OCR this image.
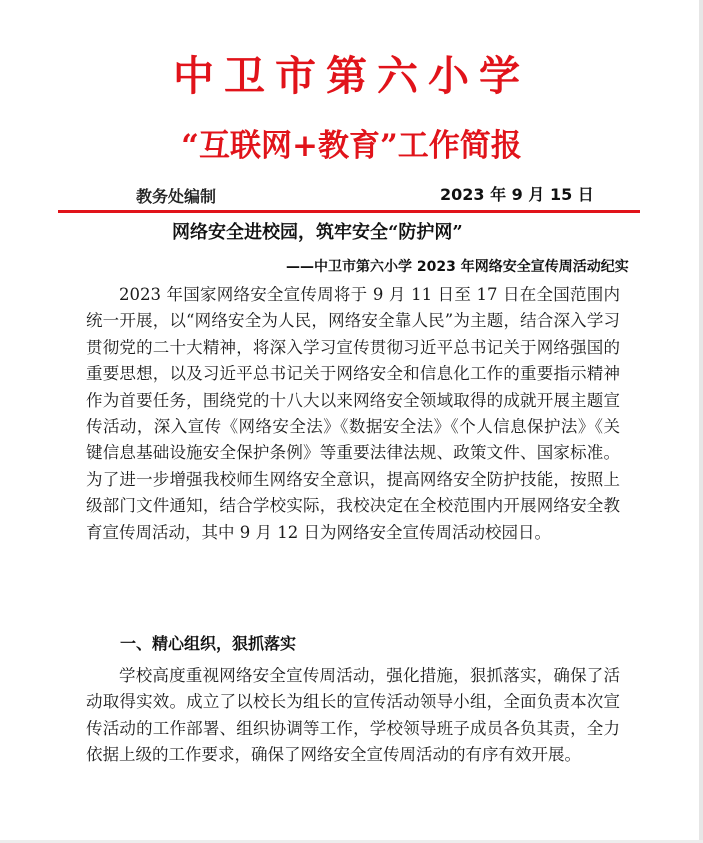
中卫市第六小学
“互联网+教育”工作简报
教务处编制	2023 年 9 月 15 日
网络安全进校园，筑牢安全“防护网”
——中卫市第六小学 2023 年网络安全宣传周活动纪实

2023 年国家网络安全宣传周将于 9 月 11 日至 17 日在全国范围内统一开展，以“网络安全为人民，网络安全靠人民”为主题，结合深入学习贯彻党的二十大精神，将深入学习宣传贯彻习近平总书记关于网络强国的重要思想，以及习近平总书记关于网络安全和信息化工作的重要指示精神作为首要任务，围绕党的十八大以来网络安全领域取得的成就开展主题宣传活动，深入宣传《网络安全法》《数据安全法》《个人信息保护法》《关键信息基础设施安全保护条例》等重要法律法规、政策文件、国家标准。为了进一步增强我校师生网络安全意识，提高网络安全防护技能，按照上级部门文件通知，结合学校实际，我校决定在全校范围内开展网络安全教育宣传周活动，其中 9 月 12 日为网络安全宣传周活动校园日。

一、精心组织，狠抓落实

学校高度重视网络安全宣传周活动，强化措施，狠抓落实，确保了活动取得实效。成立了以校长为组长的宣传活动领导小组，全面负责本次宣传活动的工作部署、组织协调等工作，学校领导班子成员各负其责，全力依据上级的工作要求，确保了网络安全宣传周活动的有序有效开展。
